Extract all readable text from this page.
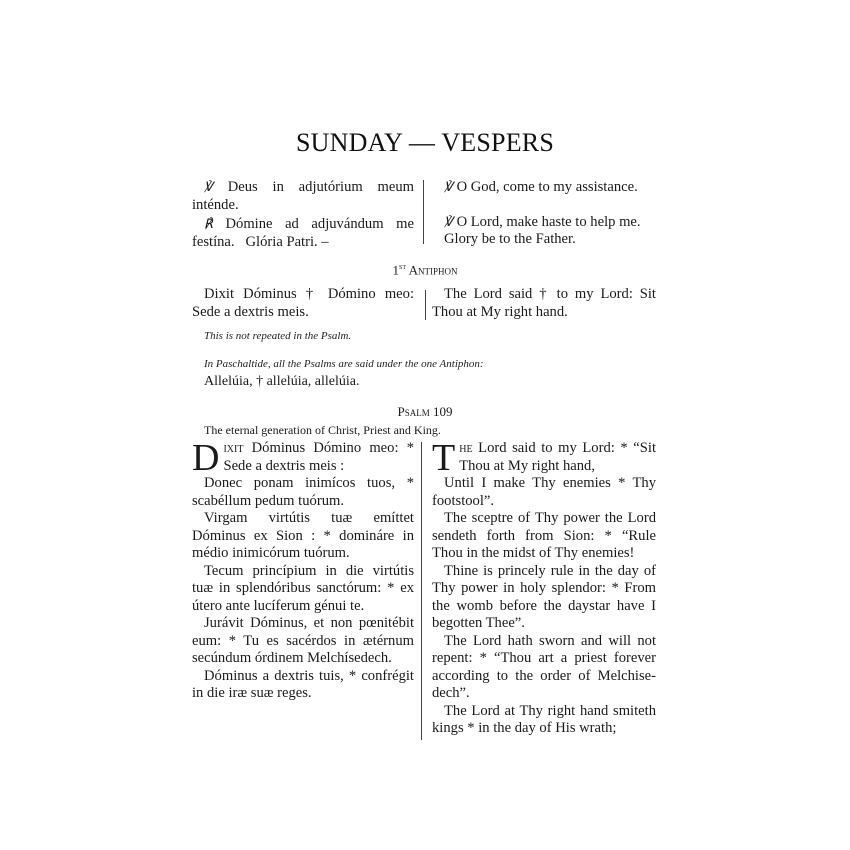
SUNDAY — VESPERS

℣ Deus in adjutórium meum inténde.

℟ Dómine ad adjuvándum me festína. Glória Patri. –

℣ O God, come to my assistance.

℣ O Lord, make haste to help me.

Glory be to the Father.

1st Antiphon

Dixit Dóminus † Dómino meo: Sede a dextris meis.

The Lord said † to my Lord: Sit Thou at My right hand.

This is not repeated in the Psalm.
In Paschaltide, all the Psalms are said under the one Antiphon:
Allelúia, † allelúia, allelúia.
Psalm 109
The eternal generation of Christ, Priest and King.

Dixit Dóminus Dómino meo: * Sede a dextris meis :

Donec ponam inimícos tuos, * scabéllum pedum tuórum.

Virgam virtútis tuæ emíttet Dóminus ex Sion : * domináre in médio inimicórum tuórum.

Tecum princípium in die virtútis tuæ in splendóribus sanctórum: * ex útero ante lucíferum génui te.

Jurávit Dóminus, et non pœnitébit eum: * Tu es sacérdos in ætérnum secúndum órdinem Melchísedech.

Dóminus a dextris tuis, * confrégit in die iræ suæ reges.

The Lord said to my Lord: * “Sit Thou at My right hand,

Until I make Thy enemies * Thy footstool”.

The sceptre of Thy power the Lord sendeth forth from Sion: * “Rule Thou in the midst of Thy enemies!

Thine is princely rule in the day of Thy power in holy splendor: * From the womb before the daystar have I begotten Thee”.

The Lord hath sworn and will not repent: * “Thou art a priest forever according to the order of Melchisedech”.

The Lord at Thy right hand smiteth kings * in the day of His wrath;
